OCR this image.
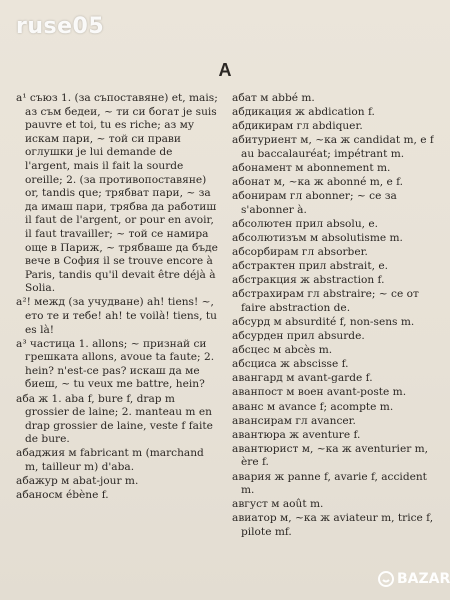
ruse05
А

а¹ съюз 1. (за съпоставяне) et, mais; аз съм бедеи, ~ ти си богат je suis pauvre et toi, tu es riche; аз му искам пари, ~ той си прави оглушки je lui demande de l'argent, mais il fait la sourde oreille; 2. (за противопоставяне) or, tandis que; трябват пари, ~ за да имаш пари, трябва да работиш il faut de l'argent, or pour en avoir, il faut travailler; ~ той се намира още в Париж, ~ трябваше да бъде вече в София il se trouve encore à Paris, tandis qu'il devait être déjà à Solia.

а²! межд (за учудване) ah! tiens! ~, ето те и тебе! ah! te voilà! tiens, tu es là!

а³ частица 1. allons; ~ признай си грешката allons, avoue ta faute; 2. hein? n'est-ce pas? искаш да ме биеш, ~ tu veux me battre, hein?

аба ж 1. aba f, bure f, drap m grossier de laine; 2. manteau m en drap grossier de laine, veste f faite de bure.

абаджия м fabricant m (marchand m, tailleur m) d'aba.

абажур м abat-jour m.

абаносм ébène f.

абат м abbé m.

абдикация ж abdication f.

абдикирам гл abdiquer.

абитуриент м, ~ка ж candidat m, e f au baccalauréat; impétrant m.

абонамент м abonnement m.

абонат м, ~ка ж abonné m, e f.

абонирам гл abonner; ~ се за s'abonner à.

абсолютен прил absolu, e.

абсолютизъм м absolutisme m.

абсорбирам гл absorber.

абстрактен прил abstrait, e.

абстракция ж abstraction f.

абстрахирам гл abstraire; ~ се от faire abstraction de.

абсурд м absurdité f, non-sens m.

абсурден прил absurde.

абсцес м abcès m.

абсциса ж abscisse f.

авангард м avant-garde f.

аванпост м воен avant-poste m.

аванс м avance f; acompte m.

авансирам гл avancer.

авантюра ж aventure f.

авантюрист м, ~ка ж aventurier m, ère f.

авария ж panne f, avarie f, accident m.

август м août m.

авиатор м, ~ка ж aviateur m, trice f, pilote mf.

BAZAR
